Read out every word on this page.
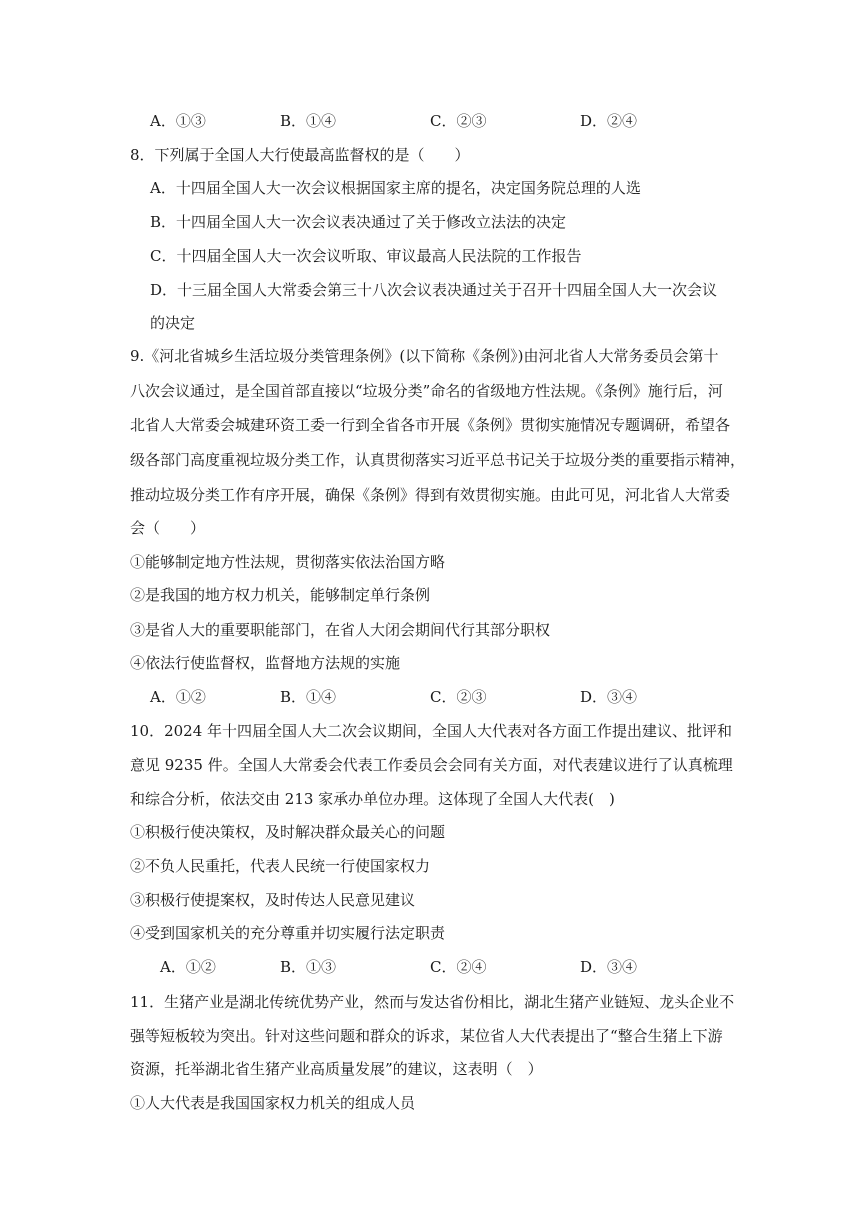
A．①③	B．①④	C．②③	D．②④
8．下列属于全国人大行使最高监督权的是（　　）
A．十四届全国人大一次会议根据国家主席的提名，决定国务院总理的人选
B．十四届全国人大一次会议表决通过了关于修改立法法的决定
C．十四届全国人大一次会议听取、审议最高人民法院的工作报告
D．十三届全国人大常委会第三十八次会议表决通过关于召开十四届全国人大一次会议
的决定
9.《河北省城乡生活垃圾分类管理条例》(以下简称《条例》)由河北省人大常务委员会第十
八次会议通过，是全国首部直接以“垃圾分类”命名的省级地方性法规。《条例》施行后，河
北省人大常委会城建环资工委一行到全省各市开展《条例》贯彻实施情况专题调研，希望各
级各部门高度重视垃圾分类工作，认真贯彻落实习近平总书记关于垃圾分类的重要指示精神，
推动垃圾分类工作有序开展，确保《条例》得到有效贯彻实施。由此可见，河北省人大常委
会（　　）
①能够制定地方性法规，贯彻落实依法治国方略
②是我国的地方权力机关，能够制定单行条例
③是省人大的重要职能部门，在省人大闭会期间代行其部分职权
④依法行使监督权，监督地方法规的实施
A．①②	B．①④	C．②③	D．③④
10．2024 年十四届全国人大二次会议期间，全国人大代表对各方面工作提出建议、批评和
意见 9235 件。全国人大常委会代表工作委员会会同有关方面，对代表建议进行了认真梳理
和综合分析，依法交由 213 家承办单位办理。这体现了全国人大代表(　)
①积极行使决策权，及时解决群众最关心的问题
②不负人民重托，代表人民统一行使国家权力
③积极行使提案权，及时传达人民意见建议
④受到国家机关的充分尊重并切实履行法定职责
A．①②	B．①③	C．②④	D．③④
11．生猪产业是湖北传统优势产业，然而与发达省份相比，湖北生猪产业链短、龙头企业不
强等短板较为突出。针对这些问题和群众的诉求，某位省人大代表提出了“整合生猪上下游
资源，托举湖北省生猪产业高质量发展”的建议，这表明（　）
①人大代表是我国国家权力机关的组成人员
